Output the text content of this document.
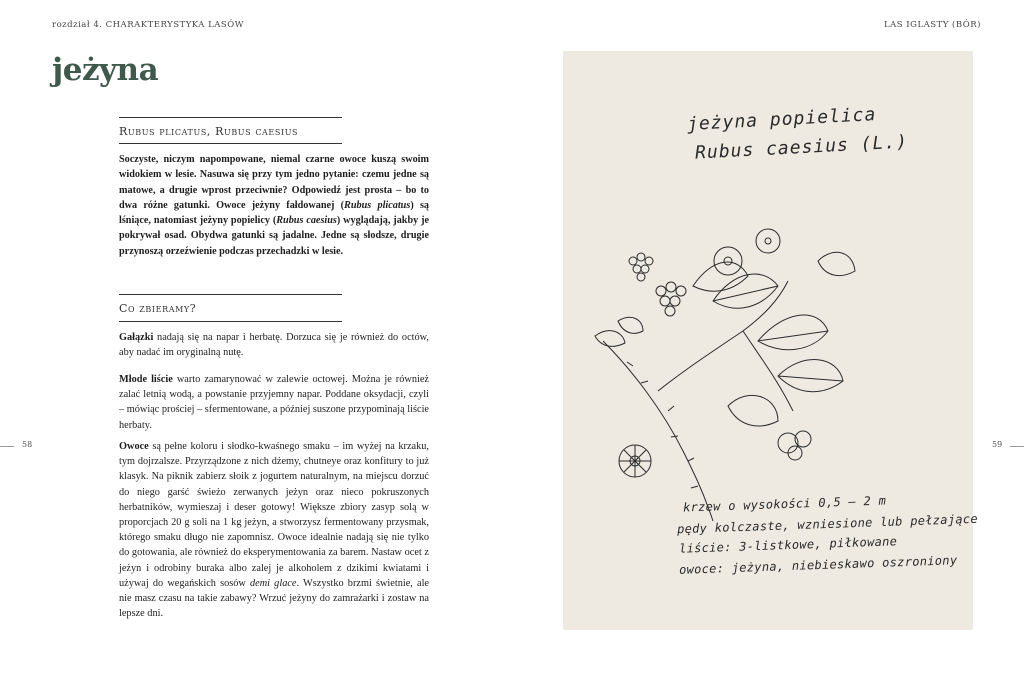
rozdział 4. CHARAKTERYSTYKA LASÓW	LAS IGLASTY (BÓR)
58	59
jeżyna
Rubus plicatus, Rubus caesius

Soczyste, niczym napompowane, niemal czarne owoce kuszą swoim widokiem w lesie. Nasuwa się przy tym jedno pytanie: czemu jedne są matowe, a drugie wprost przeciwnie? Odpowiedź jest prosta – bo to dwa różne gatunki. Owoce jeżyny fałdowanej (Rubus plicatus) są lśniące, natomiast jeżyny popielicy (Rubus caesius) wyglądają, jakby je pokrywał osad. Obydwa gatunki są jadalne. Jedne są słodsze, drugie przynoszą orzeźwienie podczas przechadzki w lesie.

Co zbieramy?

Gałązki nadają się na napar i herbatę. Dorzuca się je również do octów, aby nadać im oryginalną nutę.

Młode liście warto zamarynować w zalewie octowej. Można je również zalać letnią wodą, a powstanie przyjemny napar. Poddane oksydacji, czyli – mówiąc prościej – sfermentowane, a później suszone przypominają liście herbaty.

Owoce są pełne koloru i słodko-kwaśnego smaku – im wyżej na krzaku, tym dojrzalsze. Przyrządzone z nich dżemy, chutneye oraz konfitury to już klasyk. Na piknik zabierz słoik z jogurtem naturalnym, na miejscu dorzuć do niego garść świeżo zerwanych jeżyn oraz nieco pokruszonych herbatników, wymieszaj i deser gotowy! Większe zbiory zasyp solą w proporcjach 20 g soli na 1 kg jeżyn, a stworzysz fermentowany przysmak, którego smaku długo nie zapomnisz. Owoce idealnie nadają się nie tylko do gotowania, ale również do eksperymentowania za barem. Nastaw ocet z jeżyn i odrobiny buraka albo zalej je alkoholem z dzikimi kwiatami i używaj do wegańskich sosów demi glace. Wszystko brzmi świetnie, ale nie masz czasu na takie zabawy? Wrzuć jeżyny do zamrażarki i zostaw na lepsze dni.

jeżyna popielica
Rubus caesius (L.)
krzew o wysokości 0,5 – 2 m
pędy kolczaste, wzniesione lub pełzające
liście: 3-listkowe, piłkowane
owoce: jeżyna, niebieskawo oszroniony
